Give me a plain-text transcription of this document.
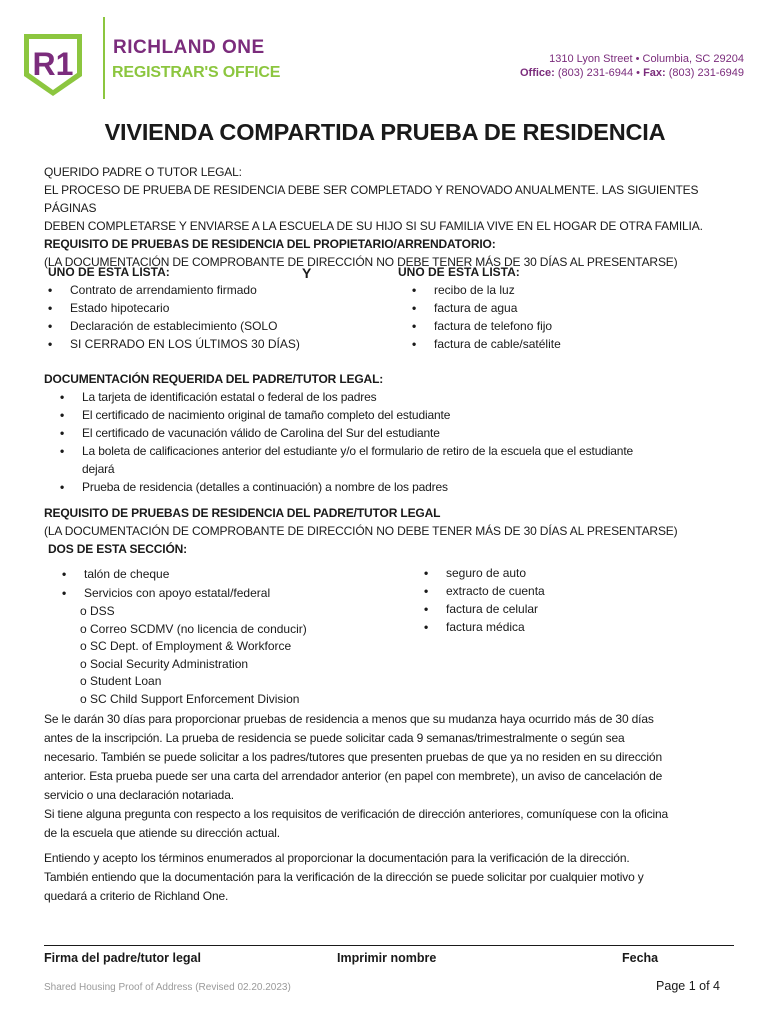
R1 RICHLAND ONE
REGISTRAR'S OFFICE
1310 Lyon Street • Columbia, SC 29204
Office: (803) 231-6944 • Fax: (803) 231-6949
VIVIENDA COMPARTIDA PRUEBA DE RESIDENCIA
QUERIDO PADRE O TUTOR LEGAL:
EL PROCESO DE PRUEBA DE RESIDENCIA DEBE SER COMPLETADO Y RENOVADO ANUALMENTE. LAS SIGUIENTES PÁGINAS
DEBEN COMPLETARSE Y ENVIARSE A LA ESCUELA DE SU HIJO SI SU FAMILIA VIVE EN EL HOGAR DE OTRA FAMILIA.
REQUISITO DE PRUEBAS DE RESIDENCIA DEL PROPIETARIO/ARRENDATORIO:
(LA DOCUMENTACIÓN DE COMPROBANTE DE DIRECCIÓN NO DEBE TENER MÁS DE 30 DÍAS AL PRESENTARSE)
UNO DE ESTA LISTA:
• Contrato de arrendamiento firmado
• Estado hipotecario
• Declaración de establecimiento (SOLO
• SI CERRADO EN LOS ÚLTIMOS 30 DÍAS)
Y	UNO DE ESTA LISTA:
• recibo de la luz
• factura de agua
• factura de telefono fijo
• factura de cable/satélite
DOCUMENTACIÓN REQUERIDA DEL PADRE/TUTOR LEGAL:
• La tarjeta de identificación estatal o federal de los padres
• El certificado de nacimiento original de tamaño completo del estudiante
• El certificado de vacunación válido de Carolina del Sur del estudiante
• La boleta de calificaciones anterior del estudiante y/o el formulario de retiro de la escuela que el estudiante
dejará
• Prueba de residencia (detalles a continuación) a nombre de los padres
REQUISITO DE PRUEBAS DE RESIDENCIA DEL PADRE/TUTOR LEGAL
(LA DOCUMENTACIÓN DE COMPROBANTE DE DIRECCIÓN NO DEBE TENER MÁS DE 30 DÍAS AL PRESENTARSE)
DOS DE ESTA SECCIÓN:
• talón de cheque
• Servicios con apoyo estatal/federal
o DSS
o Correo SCDMV (no licencia de conducir)
o SC Dept. of Employment & Workforce
o Social Security Administration
o Student Loan
o SC Child Support Enforcement Division
• seguro de auto
• extracto de cuenta
• factura de celular
• factura médica
Se le darán 30 días para proporcionar pruebas de residencia a menos que su mudanza haya ocurrido más de 30 días
antes de la inscripción. La prueba de residencia se puede solicitar cada 9 semanas/trimestralmente o según sea
necesario. También se puede solicitar a los padres/tutores que presenten pruebas de que ya no residen en su dirección
anterior. Esta prueba puede ser una carta del arrendador anterior (en papel con membrete), un aviso de cancelación de
servicio o una declaración notariada.
Si tiene alguna pregunta con respecto a los requisitos de verificación de dirección anteriores, comuníquese con la oficina
de la escuela que atiende su dirección actual.
Entiendo y acepto los términos enumerados al proporcionar la documentación para la verificación de la dirección.
También entiendo que la documentación para la verificación de la dirección se puede solicitar por cualquier motivo y
quedará a criterio de Richland One.
Firma del padre/tutor legal	Imprimir nombre	Fecha
Shared Housing Proof of Address (Revised 02.20.2023)	Page 1 of 4
